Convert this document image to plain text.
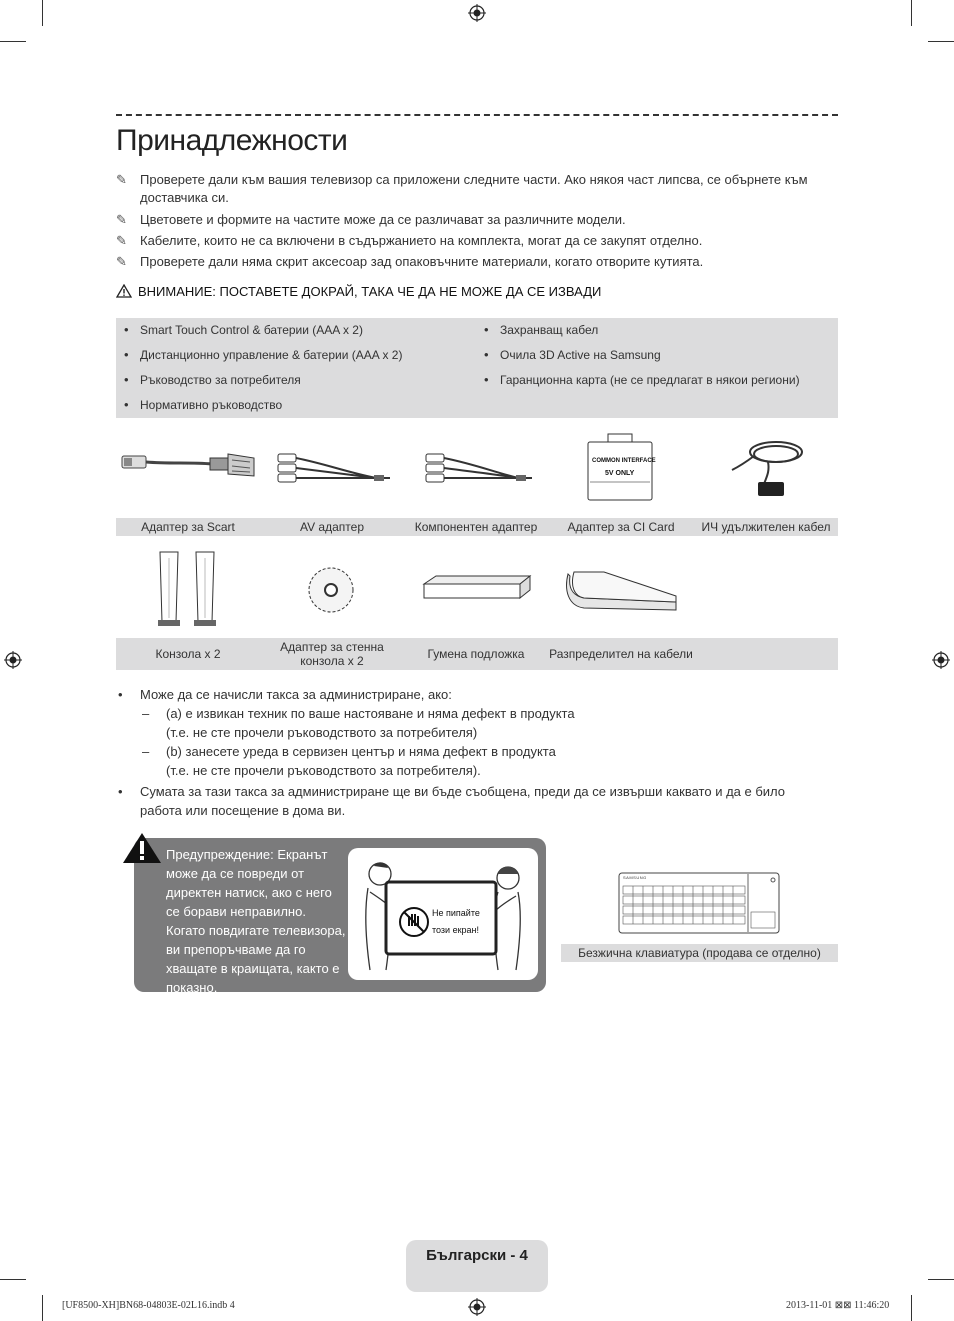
Принадлежности
✎	Проверете дали към вашия телевизор са приложени следните части. Ако някоя част липсва, се обърнете към доставчика си.
✎	Цветовете и формите на частите може да се различават за различните модели.
✎	Кабелите, които не са включени в съдържанието на комплекта, могат да се закупят отделно.
✎	Проверете дали няма скрит аксесоар зад опаковъчните материали, когато отворите кутията.
ВНИМАНИЕ: ПОСТАВЕТЕ ДОКРАЙ, ТАКА ЧЕ ДА НЕ МОЖЕ ДА СЕ ИЗВАДИ
• Smart Touch Control & батерии (AAA x 2)
• Дистанционно управление & батерии (AAA x 2)
• Ръководство за потребителя
• Нормативно ръководство
• Захранващ кабел
• Очила 3D Active на Samsung
• Гаранционна карта (не се предлагат в някои региони)
COMMON INTERFACE
5V ONLY
Адаптер за Scart	AV адаптер	Компонентен адаптер	Адаптер за CI Card	ИЧ удължителен кабел
Конзола x 2	Адаптер за стенна конзола x 2	Гумена подложка	Разпределител на кабели
• Може да се начисли такса за администриране, ако:
– (a) е извикан техник по ваше настояване и няма дефект в продукта
(т.е. не сте прочели ръководството за потребителя)
– (b) занесете уреда в сервизен център и няма дефект в продукта
(т.е. не сте прочели ръководството за потребителя).
• Сумата за тази такса за администриране ще ви бъде съобщена, преди да се извърши каквато и да е било работа или посещение в дома ви.
Предупреждение: Екранът може да се повреди от директен натиск, ако с него се борави неправилно. Когато повдигате телевизора, ви препоръчваме да го хващате в краищата, както е показно.
Не пипайте
този екран!
SAMSUNG
Безжична клавиатура (продава се отделно)
Български - 4
[UF8500-XH]BN68-04803E-02L16.indb 4	2013-11-01 ⊠⊠ 11:46:20
